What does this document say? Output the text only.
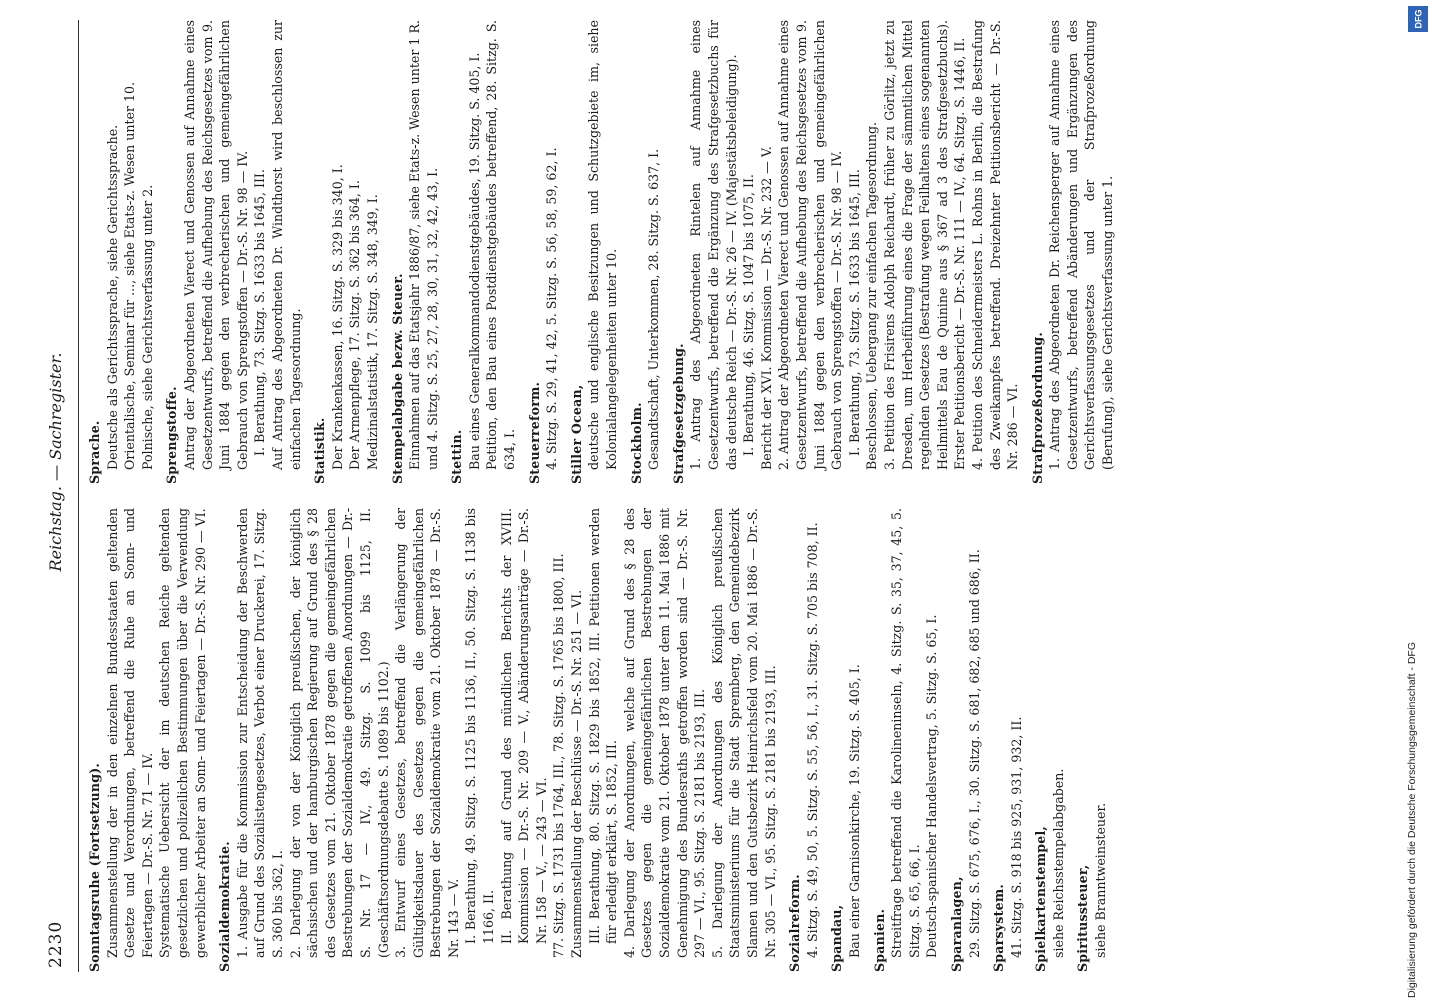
2230
Reichstag. — Sachregister.

Sonntagsruhe (Fortsetzung). Zusammenstellung der in den einzelnen Bundesstaaten geltenden Gesetze und Verordnungen, betreffend die Ruhe an Sonn- und Feiertagen — Dr.-S. Nr. 71 — IV. Systematische Uebersicht der im deutschen Reiche geltenden gesetzlichen und polizeilichen Bestimmungen über die Verwendung gewerblicher Arbeiter an Sonn- und Feiertagen — Dr.-S. Nr. 290 — VI. Sozialdemokratie. 1. Ausgabe für die Kommission zur Entscheidung der Beschwerden auf Grund des Sozialistengesetzes, Verbot einer Druckerei, 17. Sitzg. S. 360 bis 362, I. 2. Darlegung der von der Königlich preußischen, der königlich sächsischen und der hamburgischen Regierung auf Grund des § 28 des Gesetzes vom 21. Oktober 1878 gegen die gemeingefährlichen Bestrebungen der Sozialdemokratie getroffenen Anordnungen — Dr.-S. Nr. 17 — IV., 49. Sitzg. S. 1099 bis 1125, II. (Geschäftsordnungsdebatte S. 1089 bis 1102.) 3. Entwurf eines Gesetzes, betreffend die Verlängerung der Gültigkeitsdauer des Gesetzes gegen die gemeingefährlichen Bestrebungen der Sozialdemokratie vom 21. Oktober 1878 — Dr.-S. Nr. 143 — V. I. Berathung, 49. Sitzg. S. 1125 bis 1136, II., 50. Sitzg. S. 1138 bis 1166, II. II. Berathung auf Grund des mündlichen Berichts der XVIII. Kommission — Dr.-S. Nr. 209 — V., Abänderungsanträge — Dr.-S. Nr. 158 — V., — 243 — VI. 77. Sitzg. S. 1731 bis 1764, III., 78. Sitzg. S. 1765 bis 1800, III. Zusammenstellung der Beschlüsse — Dr.-S. Nr. 251 — VI. III. Berathung, 80. Sitzg. S. 1829 bis 1852, III. Petitionen werden für erledigt erklärt, S. 1852, III. 4. Darlegung der Anordnungen, welche auf Grund des § 28 des Gesetzes gegen die gemeingefährlichen Bestrebungen der Sozialdemokratie vom 21. Oktober 1878 unter dem 11. Mai 1886 mit Genehmigung des Bundesraths getroffen worden sind — Dr.-S. Nr. 297 — VI., 95. Sitzg. S. 2181 bis 2193, III. 5. Darlegung der Anordnungen des Königlich preußischen Staatsministeriums für die Stadt Spremberg, den Gemeindebezirk Slamen und den Gutsbezirk Heinrichsfeld vom 20. Mai 1886 — Dr.-S. Nr. 305 — VI., 95. Sitzg. S. 2181 bis 2193, III. Sozialreform. 4. Sitzg. S. 49, 50, 5. Sitzg. S. 55, 56, I., 31. Sitzg. S. 705 bis 708, II. Spandau, Bau einer Garnisonkirche, 19. Sitzg. S. 405, I. Spanien. Streitfrage betreffend die Karolineninseln, 4. Sitzg. S. 35, 37, 45, 5. Sitzg. S. 65, 66, I. Deutsch-spanischer Handelsvertrag, 5. Sitzg. S. 65, I. Sparanlagen, 29. Sitzg. S. 675, 676, I., 30. Sitzg. S. 681, 682, 685 und 686, II. Sparsystem. 41. Sitzg. S. 918 bis 925, 931, 932, II. Spielkartenstempel, siehe Reichsstempelabgaben. Spiritussteuer, siehe Branntweinsteuer.

Sprache. Deutsche als Gerichtssprache, siehe Gerichtssprache. Orientalische, Seminar für ..., siehe Etats-z. Wesen unter 10. Polnische, siehe Gerichtsverfassung unter 2. Sprengstoffe. Antrag der Abgeordneten Vierect und Genossen auf Annahme eines Gesetzentwurfs, betreffend die Aufhebung des Reichsgesetzes vom 9. Juni 1884 gegen den verbrecherischen und gemeingefährlichen Gebrauch von Sprengstoffen — Dr.-S. Nr. 98 — IV. I. Berathung, 73. Sitzg. S. 1633 bis 1645, III. Auf Antrag des Abgeordneten Dr. Windthorst wird beschlossen zur einfachen Tagesordnung. Statistik. Der Krankenkassen, 16. Sitzg. S. 329 bis 340, I. Der Armenpflege, 17. Sitzg. S. 362 bis 364, I. Medizinalstatistik, 17. Sitzg. S. 348, 349, I. Stempelabgabe bezw. Steuer. Einnahmen auf das Etatsjahr 1886/87, siehe Etats-z. Wesen unter 1 R. und 4. Sitzg. S. 25, 27, 28, 30, 31, 32, 42, 43, I. Stettin. Bau eines Generalkommandodienstgebäudes, 19. Sitzg. S. 405, I. Petition, den Bau eines Postdienstgebäudes betreffend, 28. Sitzg. S. 634, I. Steuerreform. 4. Sitzg. S. 29, 41, 42, 5. Sitzg. S. 56, 58, 59, 62, I. Stiller Ocean, deutsche und englische Besitzungen und Schutzgebiete im, siehe Kolonialangelegenheiten unter 10. Stockholm. Gesandtschaft, Unterkommen, 28. Sitzg. S. 637, I. Strafgesetzgebung. 1. Antrag des Abgeordneten Rintelen auf Annahme eines Gesetzentwurfs, betreffend die Ergänzung des Strafgesetzbuchs für das deutsche Reich — Dr.-S. Nr. 26 — IV. (Majestätsbeleidigung). I. Berathung, 46. Sitzg. S. 1047 bis 1075, II. Bericht der XVI. Kommission — Dr.-S. Nr. 232 — V. 2. Antrag der Abgeordneten Vierect und Genossen auf Annahme eines Gesetzentwurfs, betreffend die Aufhebung des Reichsgesetzes vom 9. Juni 1884 gegen den verbrecherischen und gemeingefährlichen Gebrauch von Sprengstoffen — Dr.-S. Nr. 98 — IV. I. Berathung, 73. Sitzg. S. 1633 bis 1645, III. Beschlossen, Uebergang zur einfachen Tagesordnung. 3. Petition des Frisirens Adolph Reichardt, früher zu Görlitz, jetzt zu Dresden, um Herbeiführung eines die Frage der sämmtlichen Mittel regelnden Gesetzes (Bestrafung wegen Feilhaltens eines sogenannten Heilmittels Eau de Quinine aus § 367 ad 3 des Strafgesetzbuchs). Erster Petitionsbericht — Dr.-S. Nr. 111 — IV., 64. Sitzg. S. 1446, II. 4. Petition des Schneidermeisters L. Rohns in Berlin, die Bestrafung des Zweikampfes betreffend. Dreizehnter Petitionsbericht — Dr.-S. Nr. 286 — VI. Strafprozeßordnung. 1. Antrag des Abgeordneten Dr. Reichensperger auf Annahme eines Gesetzentwurfs, betreffend Abänderungen und Ergänzungen des Gerichtsverfassungsgesetzes und der Strafprozeßordnung (Berufung), siehe Gerichtsverfassung unter 1.

Digitalisierung gefördert durch die Deutsche Forschungsgemeinschaft - DFG
DFG
